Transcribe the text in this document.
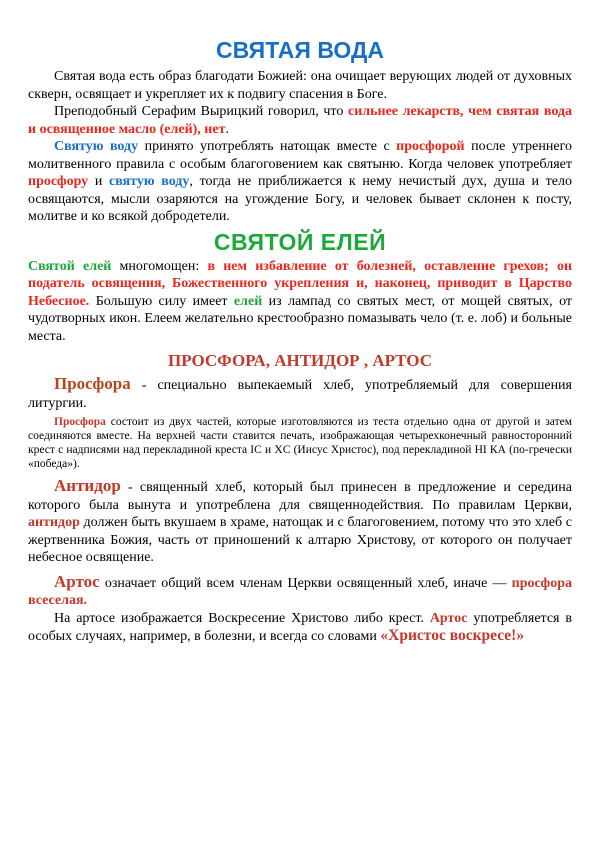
СВЯТАЯ ВОДА

Святая вода есть образ благодати Божией: она очищает верующих людей от духовных скверн, освящает и укрепляет их к подвигу спасения в Боге.

Преподобный Серафим Вырицкий говорил, что сильнее лекарств, чем святая вода и освященное масло (елей), нет.

Святую воду принято употреблять натощак вместе с просфорой после утреннего молитвенного правила с особым благоговением как святыню. Когда человек употребляет просфору и святую воду, тогда не приближается к нему нечистый дух, душа и тело освящаются, мысли озаряются на угождение Богу, и человек бывает склонен к посту, молитве и ко всякой добродетели.

СВЯТОЙ ЕЛЕЙ

Святой елей многомощен: в нем избавление от болезней, оставление грехов; он податель освящения, Божественного укрепления и, наконец, приводит в Царство Небесное. Большую силу имеет елей из лампад со святых мест, от мощей святых, от чудотворных икон. Елеем желательно крестообразно помазывать чело (т. е. лоб) и больные места.

ПРОСФОРА, АНТИДОР , АРТОС

Просфора - специально выпекаемый хлеб, употребляемый для совершения литургии.

Просфора состоит из двух частей, которые изготовляются из теста отдельно одна от другой и затем соединяются вместе. На верхней части ставится печать, изображающая четырехконечный равносторонний крест с надписями над перекладиной креста IC и XC (Иисус Христос), под перекладиной НI КА (по-гречески «победа»).

Антидор - священный хлеб, который был принесен в предложение и середина которого была вынута и употреблена для священнодействия. По правилам Церкви, антидор должен быть вкушаем в храме, натощак и с благоговением, потому что это хлеб с жертвенника Божия, часть от приношений к алтарю Христову, от которого он получает небесное освящение.

Артос означает общий всем членам Церкви освященный хлеб, иначе — просфора всеселая.

На артосе изображается Воскресение Христово либо крест. Артос употребляется в особых случаях, например, в болезни, и всегда со словами «Христос воскресе!»
